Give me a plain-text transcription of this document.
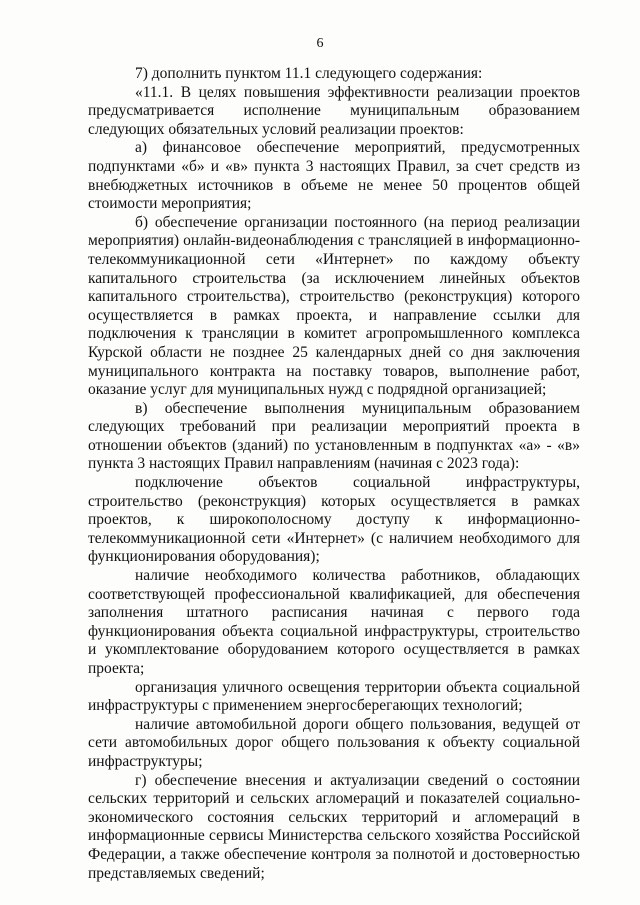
6

7) дополнить пунктом 11.1 следующего содержания:

«11.1. В целях повышения эффективности реализации проектов предусматривается исполнение муниципальным образованием следующих обязательных условий реализации проектов:

а) финансовое обеспечение мероприятий, предусмотренных подпунктами «б» и «в» пункта 3 настоящих Правил, за счет средств из внебюджетных источников в объеме не менее 50 процентов общей стоимости мероприятия;

б) обеспечение организации постоянного (на период реализации мероприятия) онлайн-видеонаблюдения с трансляцией в информационно-телекоммуникационной сети «Интернет» по каждому объекту капитального строительства (за исключением линейных объектов капитального строительства), строительство (реконструкция) которого осуществляется в рамках проекта, и направление ссылки для подключения к трансляции в комитет агропромышленного комплекса Курской области не позднее 25 календарных дней со дня заключения муниципального контракта на поставку товаров, выполнение работ, оказание услуг для муниципальных нужд с подрядной организацией;

в) обеспечение выполнения муниципальным образованием следующих требований при реализации мероприятий проекта в отношении объектов (зданий) по установленным в подпунктах «а» - «в» пункта 3 настоящих Правил направлениям (начиная с 2023 года):

подключение объектов социальной инфраструктуры, строительство (реконструкция) которых осуществляется в рамках проектов, к широкополосному доступу к информационно-телекоммуникационной сети «Интернет» (с наличием необходимого для функционирования оборудования);

наличие необходимого количества работников, обладающих соответствующей профессиональной квалификацией, для обеспечения заполнения штатного расписания начиная с первого года функционирования объекта социальной инфраструктуры, строительство и укомплектование оборудованием которого осуществляется в рамках проекта;

организация уличного освещения территории объекта социальной инфраструктуры с применением энергосберегающих технологий;

наличие автомобильной дороги общего пользования, ведущей от сети автомобильных дорог общего пользования к объекту социальной инфраструктуры;

г) обеспечение внесения и актуализации сведений о состоянии сельских территорий и сельских агломераций и показателей социально-экономического состояния сельских территорий и агломераций в информационные сервисы Министерства сельского хозяйства Российской Федерации, а также обеспечение контроля за полнотой и достоверностью представляемых сведений;
